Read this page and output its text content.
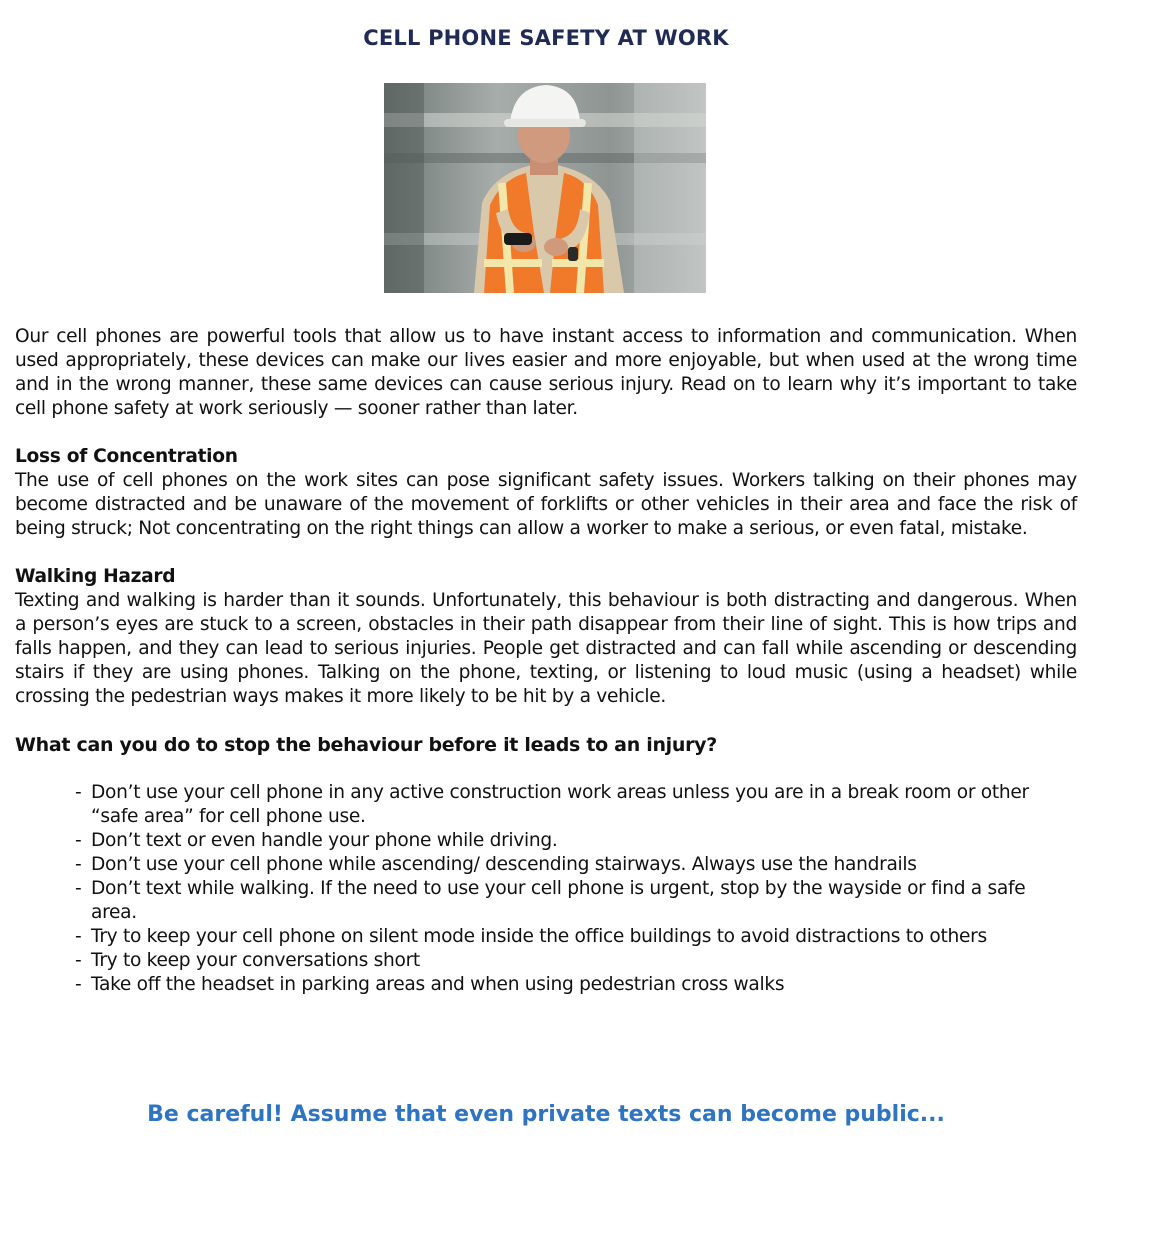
CELL PHONE SAFETY AT WORK

Our cell phones are powerful tools that allow us to have instant access to information and communication. When used appropriately, these devices can make our lives easier and more enjoyable, but when used at the wrong time and in the wrong manner, these same devices can cause serious injury. Read on to learn why it’s important to take cell phone safety at work seriously — sooner rather than later.

Loss of Concentration

The use of cell phones on the work sites can pose significant safety issues. Workers talking on their phones may become distracted and be unaware of the movement of forklifts or other vehicles in their area and face the risk of being struck; Not concentrating on the right things can allow a worker to make a serious, or even fatal, mistake.

Walking Hazard

Texting and walking is harder than it sounds. Unfortunately, this behaviour is both distracting and dangerous. When a person’s eyes are stuck to a screen, obstacles in their path disappear from their line of sight. This is how trips and falls happen, and they can lead to serious injuries. People get distracted and can fall while ascending or descending stairs if they are using phones. Talking on the phone, texting, or listening to loud music (using a headset) while crossing the pedestrian ways makes it more likely to be hit by a vehicle.

What can you do to stop the behaviour before it leads to an injury?

- Don’t use your cell phone in any active construction work areas unless you are in a break room or other “safe area” for cell phone use.
- Don’t text or even handle your phone while driving.
- Don’t use your cell phone while ascending/ descending stairways. Always use the handrails
- Don’t text while walking. If the need to use your cell phone is urgent, stop by the wayside or find a safe area.
- Try to keep your cell phone on silent mode inside the office buildings to avoid distractions to others
- Try to keep your conversations short
- Take off the headset in parking areas and when using pedestrian cross walks
Be careful! Assume that even private texts can become public...
